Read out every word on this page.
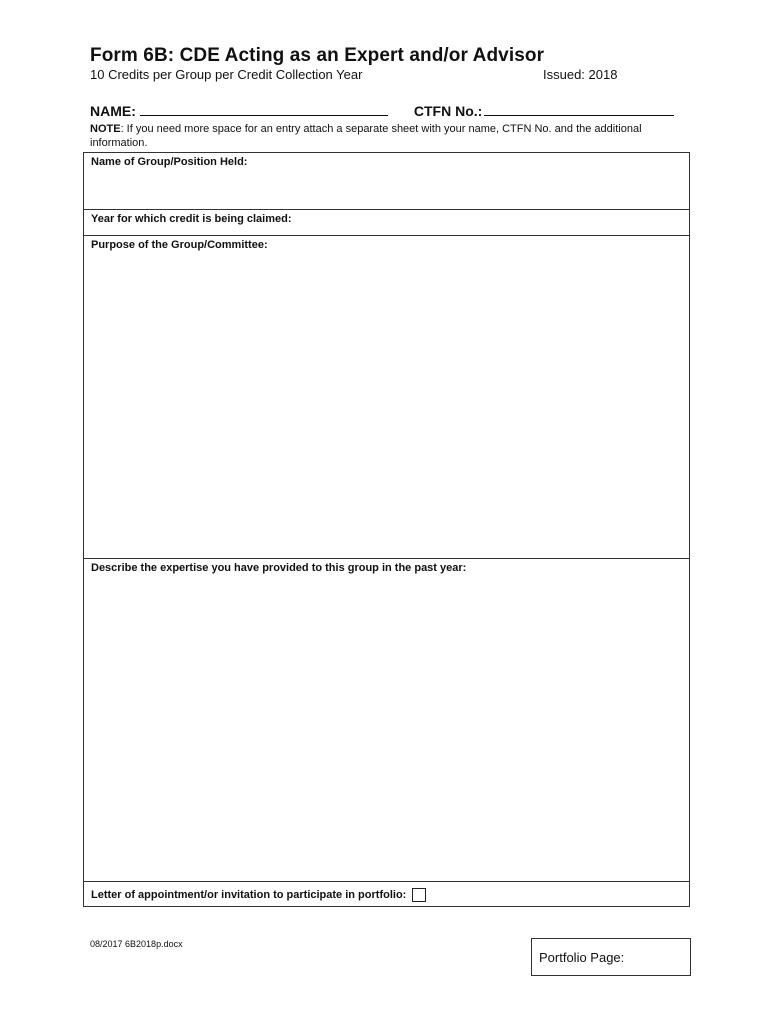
Form 6B: CDE Acting as an Expert and/or Advisor
10 Credits per Group per Credit Collection Year	Issued: 2018
NAME:	CTFN No.:
NOTE: If you need more space for an entry attach a separate sheet with your name, CTFN No. and the additional information.
Name of Group/Position Held:
Year for which credit is being claimed:
Purpose of the Group/Committee:
Describe the expertise you have provided to this group in the past year:
Letter of appointment/or invitation to participate in portfolio:
08/2017 6B2018p.docx
Portfolio Page:
